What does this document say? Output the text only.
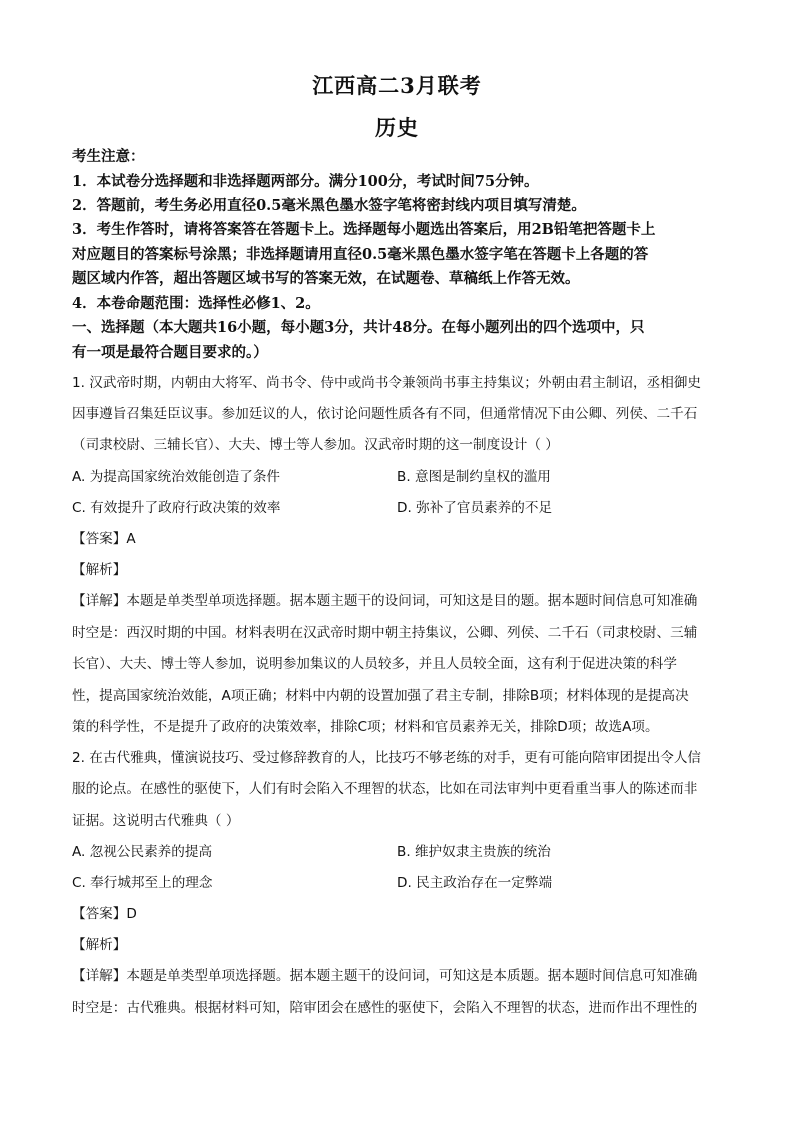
江西高二3月联考
历史
考生注意：
1．本试卷分选择题和非选择题两部分。满分100分，考试时间75分钟。
2．答题前，考生务必用直径0.5毫米黑色墨水签字笔将密封线内项目填写清楚。
3．考生作答时，请将答案答在答题卡上。选择题每小题选出答案后，用2B铅笔把答题卡上
对应题目的答案标号涂黑；非选择题请用直径0.5毫米黑色墨水签字笔在答题卡上各题的答
题区域内作答，超出答题区域书写的答案无效，在试题卷、草稿纸上作答无效。
4．本卷命题范围：选择性必修1、2。
一、选择题（本大题共16小题，每小题3分，共计48分。在每小题列出的四个选项中，只
有一项是最符合题目要求的。）
1. 汉武帝时期，内朝由大将军、尚书令、侍中或尚书令兼领尚书事主持集议；外朝由君主制诏，丞相御史
因事遵旨召集廷臣议事。参加廷议的人，依讨论问题性质各有不同，但通常情况下由公卿、列侯、二千石
（司隶校尉、三辅长官）、大夫、博士等人参加。汉武帝时期的这一制度设计（ ）
A. 为提高国家统治效能创造了条件	B. 意图是制约皇权的滥用
C. 有效提升了政府行政决策的效率	D. 弥补了官员素养的不足
【答案】A
【解析】
【详解】本题是单类型单项选择题。据本题主题干的设问词，可知这是目的题。据本题时间信息可知准确
时空是：西汉时期的中国。材料表明在汉武帝时期中朝主持集议，公卿、列侯、二千石（司隶校尉、三辅
长官）、大夫、博士等人参加，说明参加集议的人员较多，并且人员较全面，这有利于促进决策的科学
性，提高国家统治效能，A项正确；材料中内朝的设置加强了君主专制，排除B项；材料体现的是提高决
策的科学性，不是提升了政府的决策效率，排除C项；材料和官员素养无关，排除D项；故选A项。
2. 在古代雅典，懂演说技巧、受过修辞教育的人，比技巧不够老练的对手，更有可能向陪审团提出令人信
服的论点。在感性的驱使下，人们有时会陷入不理智的状态，比如在司法审判中更看重当事人的陈述而非
证据。这说明古代雅典（ ）
A. 忽视公民素养的提高	B. 维护奴隶主贵族的统治
C. 奉行城邦至上的理念	D. 民主政治存在一定弊端
【答案】D
【解析】
【详解】本题是单类型单项选择题。据本题主题干的设问词，可知这是本质题。据本题时间信息可知准确
时空是：古代雅典。根据材料可知，陪审团会在感性的驱使下，会陷入不理智的状态，进而作出不理性的
